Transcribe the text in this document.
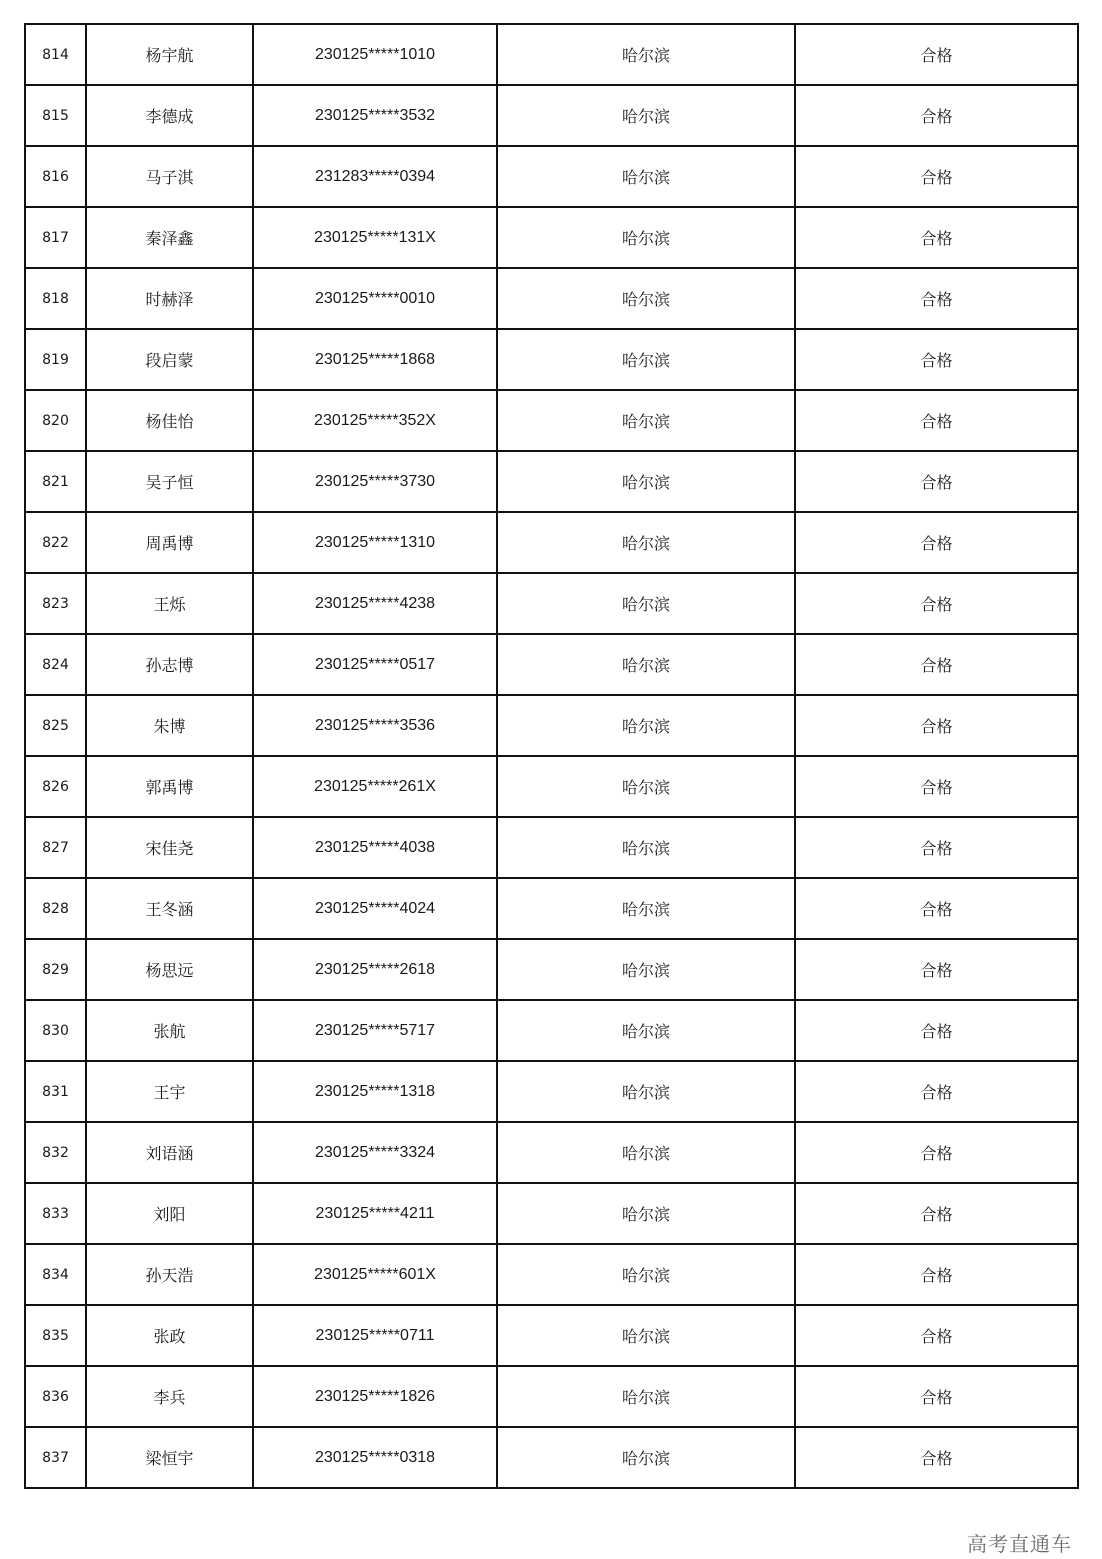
814	杨宇航	230125*****1010	哈尔滨	合格
815	李德成	230125*****3532	哈尔滨	合格
816	马子淇	231283*****0394	哈尔滨	合格
817	秦泽鑫	230125*****131X	哈尔滨	合格
818	时赫泽	230125*****0010	哈尔滨	合格
819	段启蒙	230125*****1868	哈尔滨	合格
820	杨佳怡	230125*****352X	哈尔滨	合格
821	吴子恒	230125*****3730	哈尔滨	合格
822	周禹博	230125*****1310	哈尔滨	合格
823	王烁	230125*****4238	哈尔滨	合格
824	孙志博	230125*****0517	哈尔滨	合格
825	朱博	230125*****3536	哈尔滨	合格
826	郭禹博	230125*****261X	哈尔滨	合格
827	宋佳尧	230125*****4038	哈尔滨	合格
828	王冬涵	230125*****4024	哈尔滨	合格
829	杨思远	230125*****2618	哈尔滨	合格
830	张航	230125*****5717	哈尔滨	合格
831	王宇	230125*****1318	哈尔滨	合格
832	刘语涵	230125*****3324	哈尔滨	合格
833	刘阳	230125*****4211	哈尔滨	合格
834	孙天浩	230125*****601X	哈尔滨	合格
835	张政	230125*****0711	哈尔滨	合格
836	李兵	230125*****1826	哈尔滨	合格
837	梁恒宇	230125*****0318	哈尔滨	合格
高考直通车
